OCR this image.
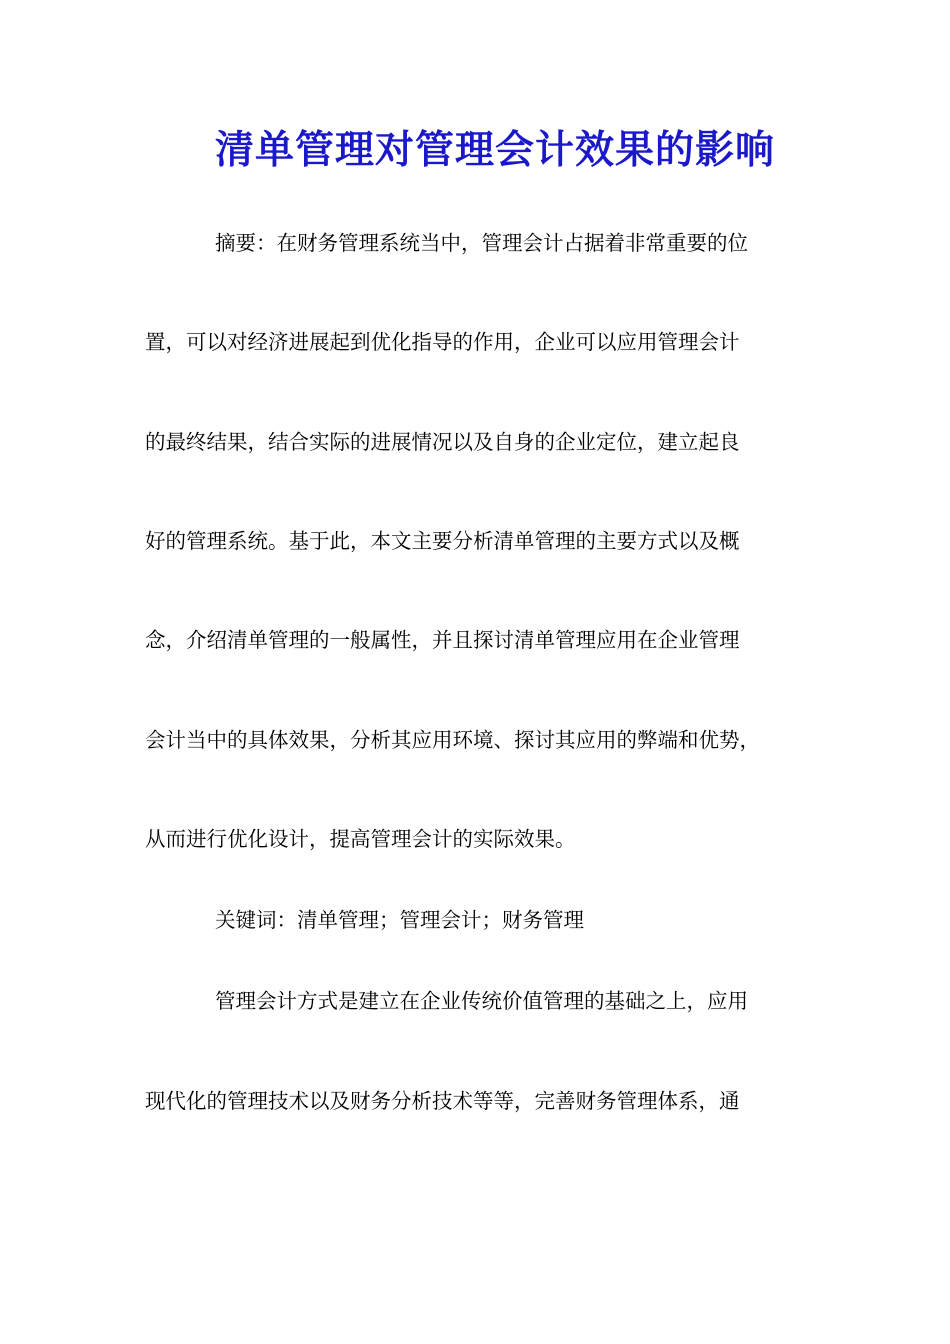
清单管理对管理会计效果的影响
摘要：在财务管理系统当中，管理会计占据着非常重要的位
置，可以对经济进展起到优化指导的作用，企业可以应用管理会计
的最终结果，结合实际的进展情况以及自身的企业定位，建立起良
好的管理系统。基于此，本文主要分析清单管理的主要方式以及概
念，介绍清单管理的一般属性，并且探讨清单管理应用在企业管理
会计当中的具体效果，分析其应用环境、探讨其应用的弊端和优势，
从而进行优化设计，提高管理会计的实际效果。
关键词：清单管理；管理会计；财务管理
管理会计方式是建立在企业传统价值管理的基础之上，应用
现代化的管理技术以及财务分析技术等等，完善财务管理体系，通
